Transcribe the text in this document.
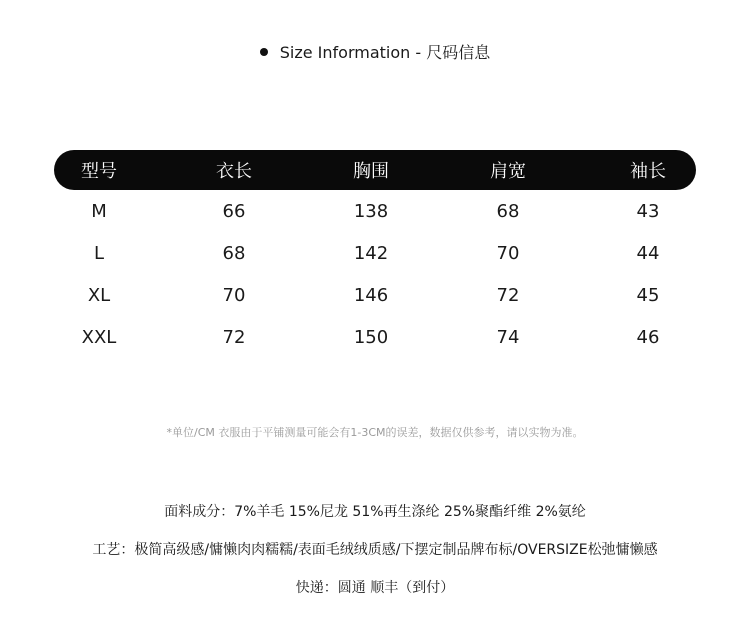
Size Information - 尺码信息
型号	衣长	胸围	肩宽	袖长
M	66	138	68	43
L	68	142	70	44
XL	70	146	72	45
XXL	72	150	74	46
*单位/CM 衣服由于平铺测量可能会有1-3CM的误差，数据仅供参考，请以实物为准。
面料成分：7%羊毛 15%尼龙 51%再生涤纶 25%聚酯纤维 2%氨纶
工艺：极简高级感/慵懒肉肉糯糯/表面毛绒绒质感/下摆定制品牌布标/OVERSIZE松弛慵懒感
快递：圆通 顺丰（到付）
